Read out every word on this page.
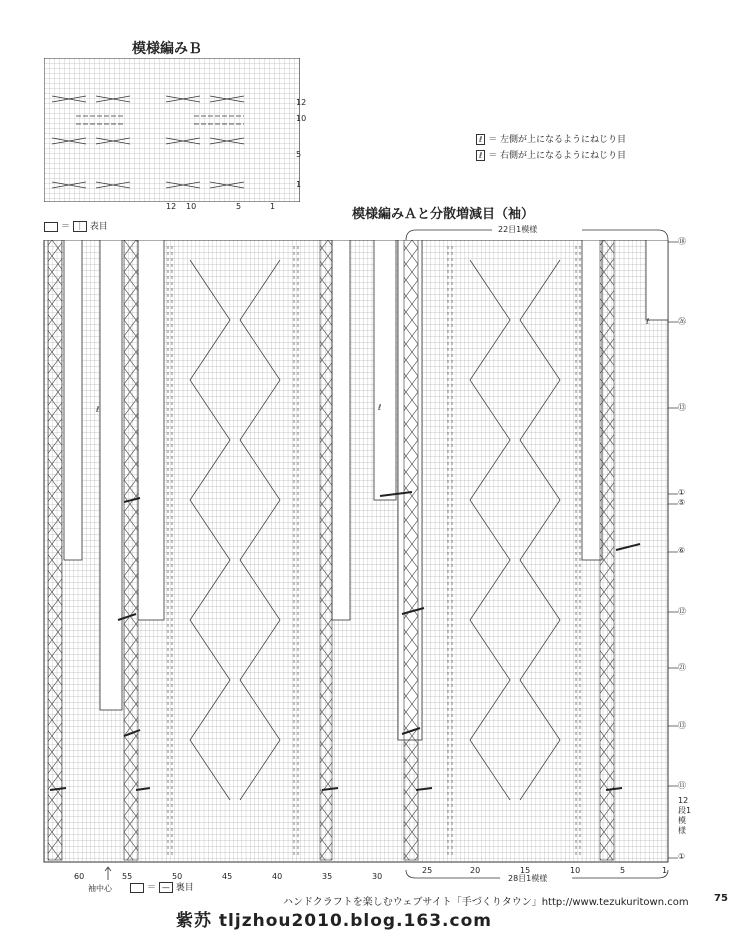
模様編みＢ
12
10
5
1
12 10	5	1
＝ ｜ 表目
ℓ ＝ 左側が上になるようにねじり目
ℓ ＝ 右側が上になるようにねじり目
模様編みＡと分散増減目（袖）
22目1模様
ℓ	ℓ
ℓ
⑱
㉖
⑬
①
⑤
⑥
⑫
㉑
⑬
⑪
12段1模様
①
60	55	50	45	40	35	30
25	20	15	10	5	1
28目1模様
袖中心	＝ — 裏目
ハンドクラフトを楽しむウェブサイト「手づくりタウン」http://www.tezukuritown.com	75
紫苏 tljzhou2010.blog.163.com
